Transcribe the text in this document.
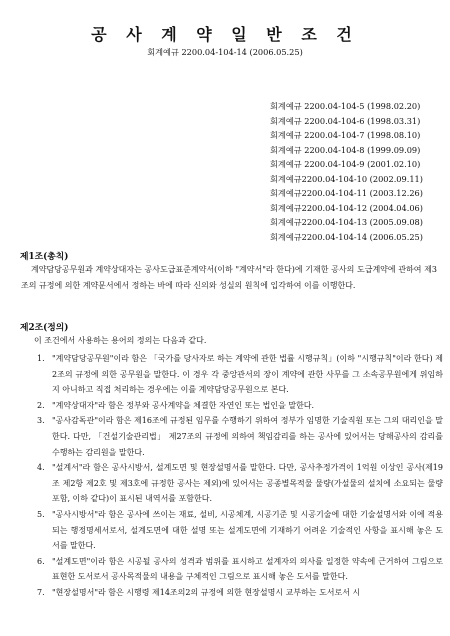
공 사 계 약 일 반 조 건

회계예규 2200.04-104-14 (2006.05.25)

회계예규 2200.04-104-5 (1998.02.20)
회계예규 2200.04-104-6 (1998.03.31)
회계예규 2200.04-104-7 (1998.08.10)
회계예규 2200.04-104-8 (1999.09.09)
회계예규 2200.04-104-9 (2001.02.10)
회계예규2200.04-104-10 (2002.09.11)
회계예규2200.04-104-11 (2003.12.26)
회계예규2200.04-104-12 (2004.04.06)
회계예규2200.04-104-13 (2005.09.08)
회계예규2200.04-104-14 (2006.05.25)
제1조(총칙)

계약담당공무원과 계약상대자는 공사도급표준계약서(이하 "계약서"라 한다)에 기재한 공사의 도급계약에 관하여 제3조의 규정에 의한 계약문서에서 정하는 바에 따라 신의와 성실의 원칙에 입각하여 이를 이행한다.

제2조(정의)

이 조건에서 사용하는 용어의 정의는 다음과 같다.

1. "계약담당공무원"이라 함은 「국가를 당사자로 하는 계약에 관한 법률 시행규칙」(이하 "시행규칙"이라 한다) 제2조의 규정에 의한 공무원을 말한다. 이 경우 각 중앙관서의 장이 계약에 관한 사무를 그 소속공무원에게 위임하지 아니하고 직접 처리하는 경우에는 이를 계약담당공무원으로 본다.
2. "계약상대자"라 함은 정부와 공사계약을 체결한 자연인 또는 법인을 말한다.
3. "공사감독관"이라 함은 제16조에 규정된 임무를 수행하기 위하여 정부가 임명한 기술직원 또는 그의 대리인을 말한다. 다만, 「건설기술관리법」 제27조의 규정에 의하여 책임감리를 하는 공사에 있어서는 당해공사의 감리를 수행하는 감리원을 말한다.
4. "설계서"라 함은 공사시방서, 설계도면 및 현장설명서를 말한다. 다만, 공사추정가격이 1억원 이상인 공사(제19조 제2항 제2호 및 제3호에 규정한 공사는 제외)에 있어서는 공종별목적물 물량(가설물의 설치에 소요되는 물량포함, 이하 같다)이 표시된 내역서를 포함한다.
5. "공사시방서"라 함은 공사에 쓰이는 재료, 설비, 시공체계, 시공기준 및 시공기술에 대한 기술설명서와 이에 적용되는 행정명세서로서, 설계도면에 대한 설명 또는 설계도면에 기재하기 어려운 기술적인 사항을 표시해 놓은 도서를 말한다.
6. "설계도면"이라 함은 시공될 공사의 성격과 범위를 표시하고 설계자의 의사를 일정한 약속에 근거하여 그림으로 표현한 도서로서 공사목적물의 내용을 구체적인 그림으로 표시해 놓은 도서를 말한다.
7. "현장설명서"라 함은 시행령 제14조의2의 규정에 의한 현장설명시 교부하는 도서로서 시
